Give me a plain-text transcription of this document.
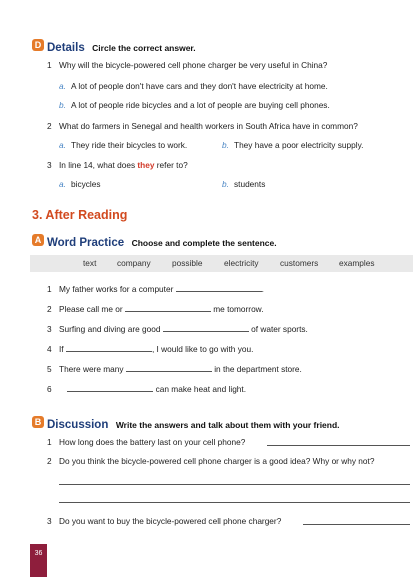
D Details Circle the correct answer.
1 Why will the bicycle-powered cell phone charger be very useful in China?
a. A lot of people don't have cars and they don't have electricity at home.
b. A lot of people ride bicycles and a lot of people are buying cell phones.
2 What do farmers in Senegal and health workers in South Africa have in common?
a. They ride their bicycles to work.	b. They have a poor electricity supply.
3 In line 14, what does they refer to?
a. bicycles	b. students
3. After Reading
A Word Practice Choose and complete the sentence.
text company	possible	electricity	customers examples
1 My father works for a computer	.
2 Please call me or	me tomorrow.
3 Surfing and diving are good	of water sports.
4 If	, I would like to go with you.
5 There were many	in the department store.
6	can make heat and light.
B Discussion Write the answers and talk about them with your friend.
1 How long does the battery last on your cell phone?
2 Do you think the bicycle-powered cell phone charger is a good idea? Why or why not?
3 Do you want to buy the bicycle-powered cell phone charger?
36
